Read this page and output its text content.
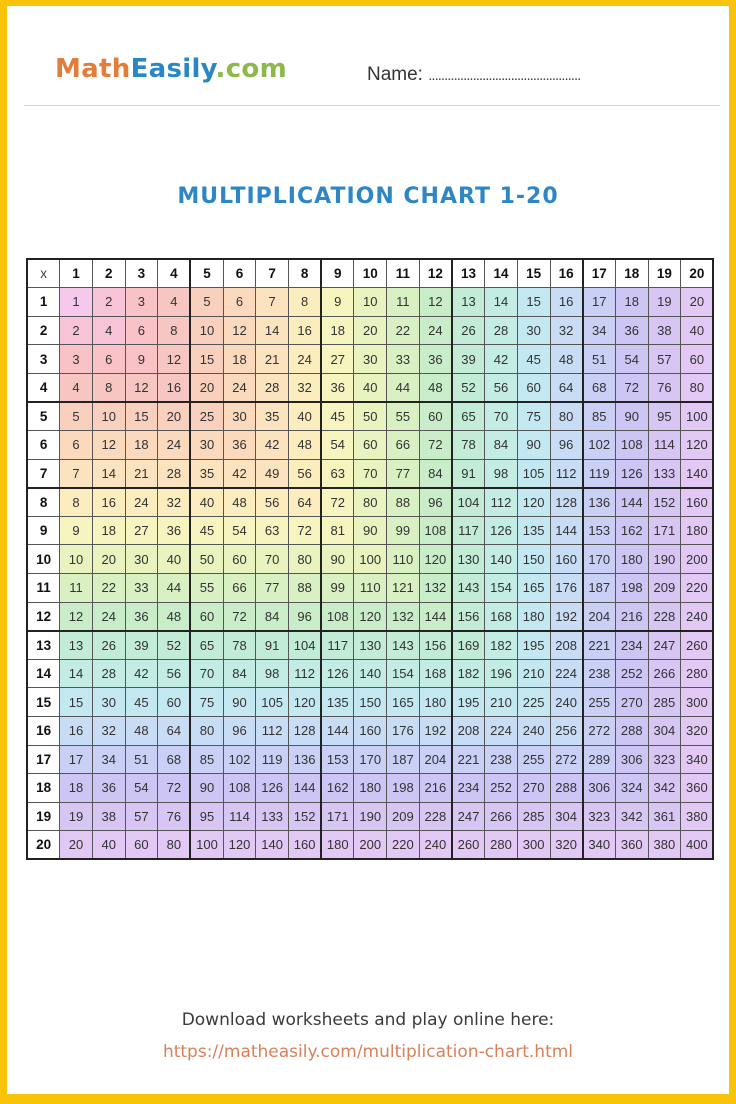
MathEasily.com	Name: ................................................
MULTIPLICATION CHART 1-20
x	1	2	3	4	5	6	7	8	9	10	11	12	13	14	15	16	17	18	19	20
1	1	2	3	4	5	6	7	8	9	10	11	12	13	14	15	16	17	18	19	20
2	2	4	6	8	10	12	14	16	18	20	22	24	26	28	30	32	34	36	38	40
3	3	6	9	12	15	18	21	24	27	30	33	36	39	42	45	48	51	54	57	60
4	4	8	12	16	20	24	28	32	36	40	44	48	52	56	60	64	68	72	76	80
5	5	10	15	20	25	30	35	40	45	50	55	60	65	70	75	80	85	90	95	100
6	6	12	18	24	30	36	42	48	54	60	66	72	78	84	90	96	102	108	114	120
7	7	14	21	28	35	42	49	56	63	70	77	84	91	98	105	112	119	126	133	140
8	8	16	24	32	40	48	56	64	72	80	88	96	104	112	120	128	136	144	152	160
9	9	18	27	36	45	54	63	72	81	90	99	108	117	126	135	144	153	162	171	180
10	10	20	30	40	50	60	70	80	90	100	110	120	130	140	150	160	170	180	190	200
11	11	22	33	44	55	66	77	88	99	110	121	132	143	154	165	176	187	198	209	220
12	12	24	36	48	60	72	84	96	108	120	132	144	156	168	180	192	204	216	228	240
13	13	26	39	52	65	78	91	104	117	130	143	156	169	182	195	208	221	234	247	260
14	14	28	42	56	70	84	98	112	126	140	154	168	182	196	210	224	238	252	266	280
15	15	30	45	60	75	90	105	120	135	150	165	180	195	210	225	240	255	270	285	300
16	16	32	48	64	80	96	112	128	144	160	176	192	208	224	240	256	272	288	304	320
17	17	34	51	68	85	102	119	136	153	170	187	204	221	238	255	272	289	306	323	340
18	18	36	54	72	90	108	126	144	162	180	198	216	234	252	270	288	306	324	342	360
19	19	38	57	76	95	114	133	152	171	190	209	228	247	266	285	304	323	342	361	380
20	20	40	60	80	100	120	140	160	180	200	220	240	260	280	300	320	340	360	380	400
Download worksheets and play online here:
https://matheasily.com/multiplication-chart.html
